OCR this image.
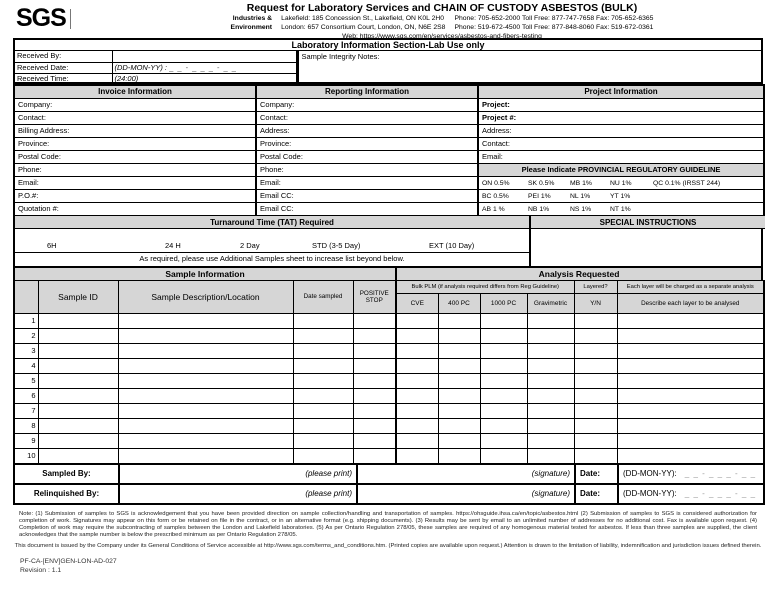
SGS	Request for Laboratory Services and CHAIN OF CUSTODY ASBESTOS (BULK)
Industries &
Environment
Lakefield: 185 Concession St., Lakefield, ON K0L 2H0
London: 657 Consortium Court, London, ON, N6E 2S8
Phone: 705-652-2000 Toll Free: 877-747-7658 Fax: 705-652-6365
Phone: 519-672-4500 Toll Free: 877-848-8060 Fax: 519-672-0361
Web: https://www.sgs.com/en/services/asbestos-and-fibers-testing
Laboratory Information Section-Lab Use only
Received By:	
Received Date:	(DD-MON-YY) : _ _ - _ _ _ - _ _
Received Time:	(24:00)
Sample Integrity Notes:
Invoice Information	Reporting Information	Project Information
Company:	Company:	Project:
Contact:	Contact:	Project #:
Billing Address:	Address:	Address:
Province:	Province:	Contact:
Postal Code:	Postal Code:	Email:
Phone:	Phone:	Please Indicate PROVINCIAL REGULATORY GUIDELINE
Email:	Email:	ON 0.5% SK 0.5% MB 1% NU 1% QC 0.1% (IRSST 244)
P.O.#:	Email CC:	BC 0.5% PEI 1% NL 1% YT 1%
Quotation #:	Email CC:	AB 1 % NB 1% NS 1% NT 1%
Turnaround Time (TAT) Required	SPECIAL INSTRUCTIONS
6H	24 H	2 Day	STD (3-5 Day)	EXT (10 Day)
As required, please use Additional Samples sheet to increase list beyond below.
Sample Information	Analysis Requested
	Sample ID	Sample Description/Location	Date sampled	POSITIVE STOP	Bulk PLM (if analysis required differs from Reg Guideline)				Layered?	Each layer will be charged as a separate analysis
					CVE	400 PC	1000 PC	Gravimetric	Y/N	Describe each layer to be analysed
1										
2										
3										
4										
5										
6										
7										
8										
9										
10										
Sampled By:	(please print)	(signature)	Date:	(DD-MON-YY): _ _ - _ _ _ - _ _
Relinquished By:	(please print)	(signature)	Date:	(DD-MON-YY): _ _ - _ _ _ - _ _
Note: (1) Submission of samples to SGS is acknowledgement that you have been provided direction on sample collection/handling and transportation of samples. https://ohsguide.ihsa.ca/en/topic/asbestos.html (2) Submission of samples to SGS is considered authorization for completion of work. Signatures may appear on this form or be retained on file in the contract, or in an alternative format (e.g. shipping documents). (3) Results may be sent by email to an unlimited number of addresses for no additional cost. Fax is available upon request. (4) Completion of work may require the subcontracting of samples between the London and Lakefield laboratories. (5) As per Ontario Regulation 278/05, these samples are required of any homogenous material tested for asbestos. If less than three samples are supplied, the client acknowledges that the sample number is below the prescribed minimum as per Ontario Regulation 278/05.
This document is issued by the Company under its General Conditions of Service accessible at http://www.sgs.com/terms_and_conditions.htm. (Printed copies are available upon request.) Attention is drawn to the limitation of liability, indemnification and jurisdiction issues defined therein.
PF-CA-[ENV]GEN-LON-AD-027
Revision : 1.1
